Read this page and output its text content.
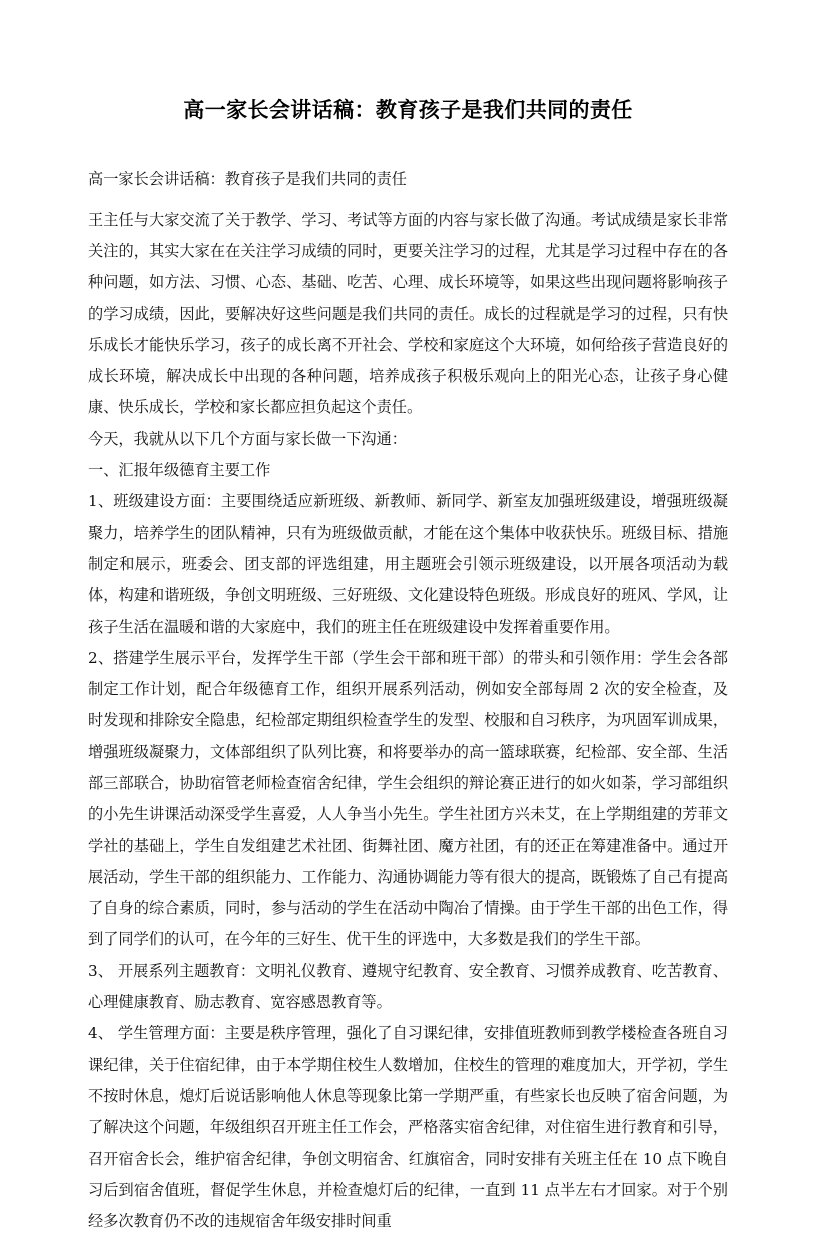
高一家长会讲话稿：教育孩子是我们共同的责任

高一家长会讲话稿：教育孩子是我们共同的责任

王主任与大家交流了关于教学、学习、考试等方面的内容与家长做了沟通。考试成绩是家长非常关注的，其实大家在在关注学习成绩的同时，更要关注学习的过程，尤其是学习过程中存在的各种问题，如方法、习惯、心态、基础、吃苦、心理、成长环境等，如果这些出现问题将影响孩子的学习成绩，因此，要解决好这些问题是我们共同的责任。成长的过程就是学习的过程，只有快乐成长才能快乐学习，孩子的成长离不开社会、学校和家庭这个大环境，如何给孩子营造良好的成长环境，解决成长中出现的各种问题，培养成孩子积极乐观向上的阳光心态，让孩子身心健康、快乐成长，学校和家长都应担负起这个责任。

今天，我就从以下几个方面与家长做一下沟通：

一、汇报年级德育主要工作

1、班级建设方面：主要围绕适应新班级、新教师、新同学、新室友加强班级建设，增强班级凝聚力，培养学生的团队精神，只有为班级做贡献，才能在这个集体中收获快乐。班级目标、措施制定和展示，班委会、团支部的评选组建，用主题班会引领示班级建设，以开展各项活动为载体，构建和谐班级，争创文明班级、三好班级、文化建设特色班级。形成良好的班风、学风，让孩子生活在温暖和谐的大家庭中，我们的班主任在班级建设中发挥着重要作用。

2、搭建学生展示平台，发挥学生干部（学生会干部和班干部）的带头和引领作用：学生会各部制定工作计划，配合年级德育工作，组织开展系列活动，例如安全部每周 2 次的安全检查，及时发现和排除安全隐患，纪检部定期组织检查学生的发型、校服和自习秩序，为巩固军训成果，增强班级凝聚力，文体部组织了队列比赛，和将要举办的高一篮球联赛，纪检部、安全部、生活部三部联合，协助宿管老师检查宿舍纪律，学生会组织的辩论赛正进行的如火如荼，学习部组织的小先生讲课活动深受学生喜爱，人人争当小先生。学生社团方兴未艾，在上学期组建的芳菲文学社的基础上，学生自发组建艺术社团、街舞社团、魔方社团，有的还正在筹建准备中。通过开展活动，学生干部的组织能力、工作能力、沟通协调能力等有很大的提高，既锻炼了自己有提高了自身的综合素质，同时，参与活动的学生在活动中陶冶了情操。由于学生干部的出色工作，得到了同学们的认可，在今年的三好生、优干生的评选中，大多数是我们的学生干部。

3、 开展系列主题教育：文明礼仪教育、遵规守纪教育、安全教育、习惯养成教育、吃苦教育、心理健康教育、励志教育、宽容感恩教育等。

4、 学生管理方面：主要是秩序管理，强化了自习课纪律，安排值班教师到教学楼检查各班自习课纪律，关于住宿纪律，由于本学期住校生人数增加，住校生的管理的难度加大，开学初，学生不按时休息，熄灯后说话影响他人休息等现象比第一学期严重，有些家长也反映了宿舍问题，为了解决这个问题，年级组织召开班主任工作会，严格落实宿舍纪律，对住宿生进行教育和引导，召开宿舍长会，维护宿舍纪律，争创文明宿舍、红旗宿舍，同时安排有关班主任在 10 点下晚自习后到宿舍值班，督促学生休息，并检查熄灯后的纪律，一直到 11 点半左右才回家。对于个别经多次教育仍不改的违规宿舍年级安排时间重
